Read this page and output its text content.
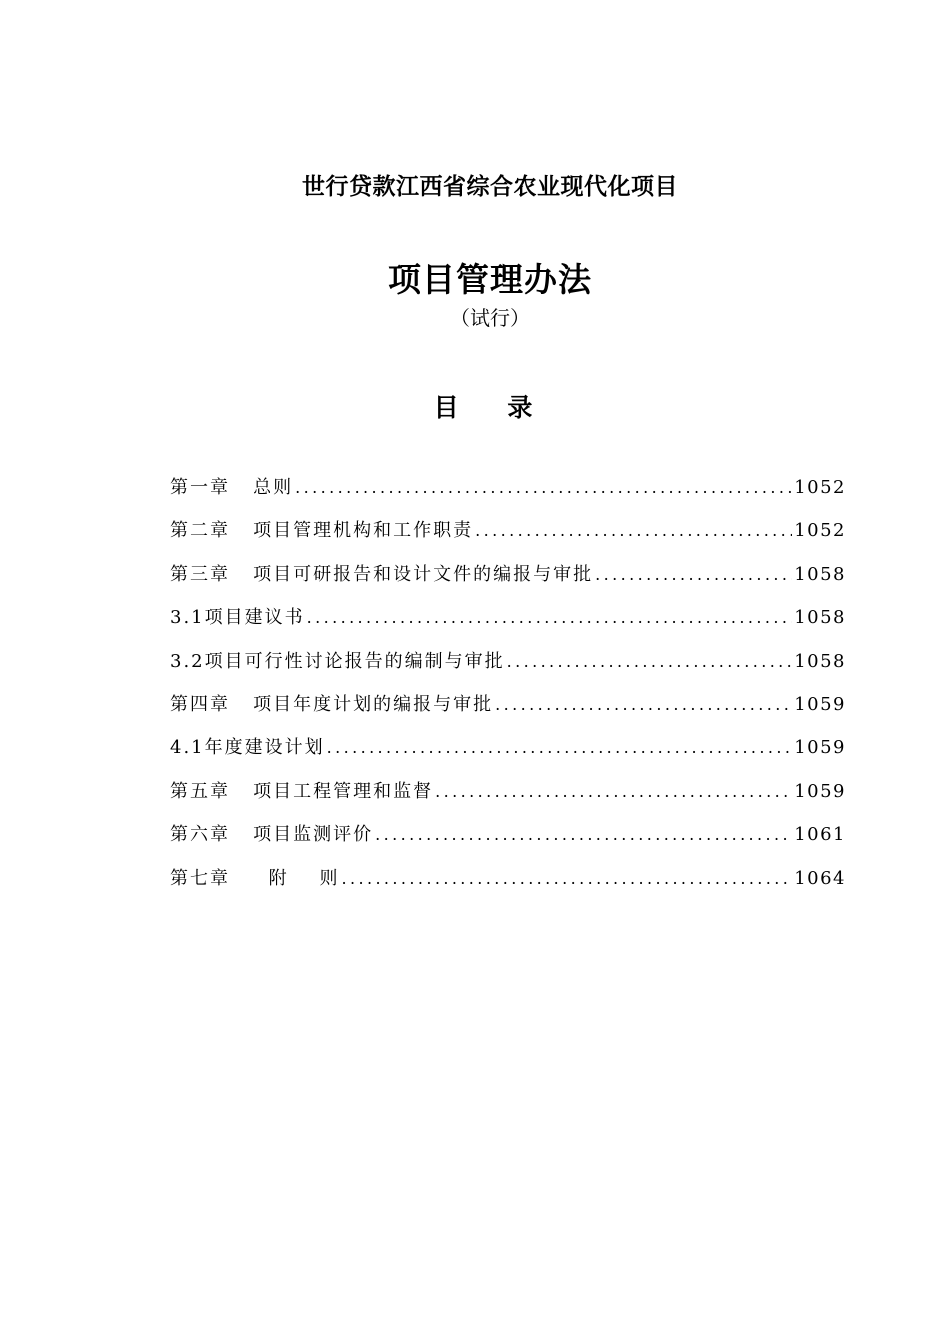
世行贷款江西省综合农业现代化项目
项目管理办法
（试行）
目 录
第一章   总则 .....	1052
第二章   项目管理机构和工作职责 .....	1052
第三章   项目可研报告和设计文件的编报与审批 .....	1058
3.1项目建议书 .....	1058
3.2项目可行性讨论报告的编制与审批 .....	1058
第四章   项目年度计划的编报与审批 .....	1059
4.1年度建设计划 .....	1059
第五章   项目工程管理和监督 .....	1059
第六章   项目监测评价 .....	1061
第七章     附    则 .....	1064
